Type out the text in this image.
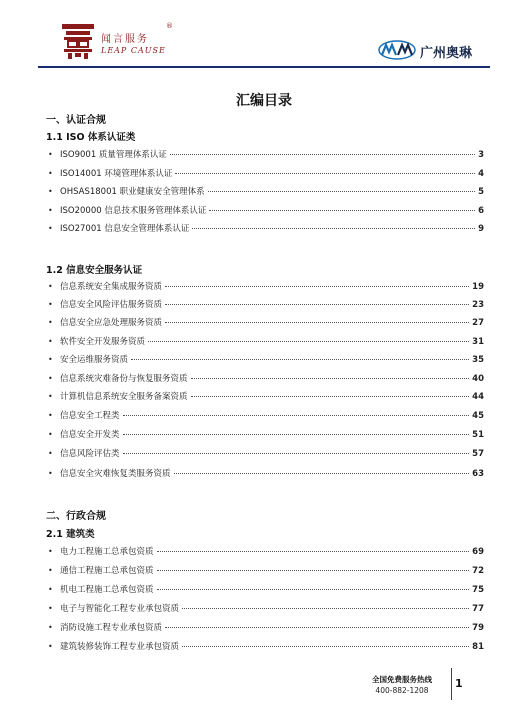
闻言服务
LEAP CAUSE
®
广州奥琳
汇编目录
一、认证合规
1.1 ISO 体系认证类
• ISO9001 质量管理体系认证	3
• ISO14001 环境管理体系认证	4
• OHSAS18001 职业健康安全管理体系	5
• ISO20000 信息技术服务管理体系认证	6
• ISO27001 信息安全管理体系认证	9
1.2 信息安全服务认证
• 信息系统安全集成服务资质	19
• 信息安全风险评估服务资质	23
• 信息安全应急处理服务资质	27
• 软件安全开发服务资质	31
• 安全运维服务资质	35
• 信息系统灾难备份与恢复服务资质	40
• 计算机信息系统安全服务备案资质	44
• 信息安全工程类	45
• 信息安全开发类	51
• 信息风险评估类	57
• 信息安全灾难恢复类服务资质	63
二、行政合规
2.1 建筑类
• 电力工程施工总承包资质	69
• 通信工程施工总承包资质	72
• 机电工程施工总承包资质	75
• 电子与智能化工程专业承包资质	77
• 消防设施工程专业承包资质	79
• 建筑装修装饰工程专业承包资质	81
全国免费服务热线
400-882-1208
1
